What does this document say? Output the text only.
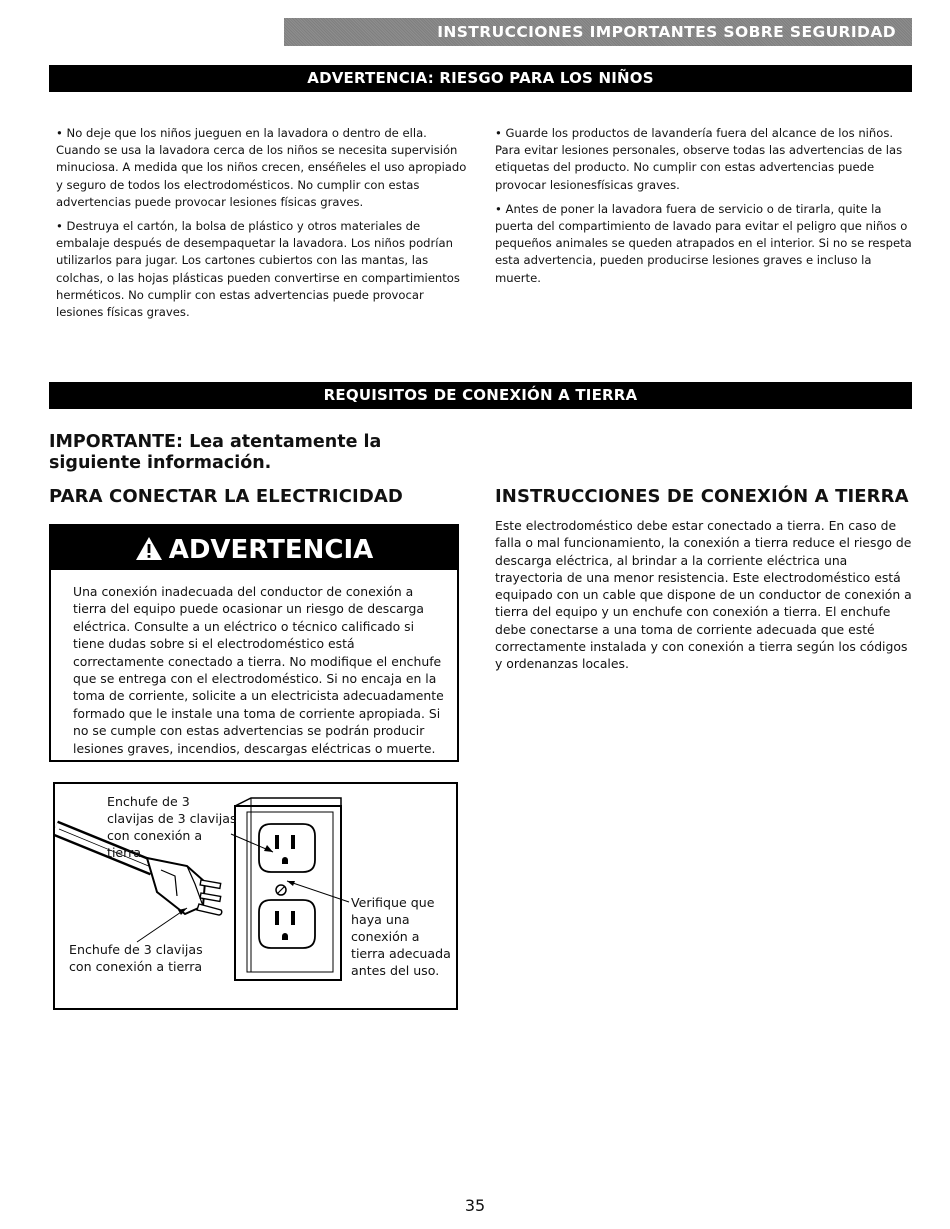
INSTRUCCIONES IMPORTANTES SOBRE SEGURIDAD
ADVERTENCIA: RIESGO PARA LOS NIÑOS

• No deje que los niños jueguen en la lavadora o dentro de ella. Cuando se usa la lavadora cerca de los niños se necesita supervisión minuciosa. A medida que los niños crecen, enséñeles el uso apropiado y seguro de todos los electrodomésticos. No cumplir con estas advertencias puede provocar lesiones físicas graves.

• Destruya el cartón, la bolsa de plástico y otros materiales de embalaje después de desempaquetar la lavadora. Los niños podrían utilizarlos para jugar. Los cartones cubiertos con las mantas, las colchas, o las hojas plásticas pueden convertirse en compartimientos herméticos. No cumplir con estas advertencias puede provocar lesiones físicas graves.

• Guarde los productos de lavandería fuera del alcance de los niños. Para evitar lesiones personales, observe todas las advertencias de las etiquetas del producto. No cumplir con estas advertencias puede provocar lesionesfísicas graves.

• Antes de poner la lavadora fuera de servicio o de tirarla, quite la puerta del compartimiento de lavado para evitar el peligro que niños o pequeños animales se queden atrapados en el interior. Si no se respeta esta advertencia, pueden producirse lesiones graves e incluso la muerte.

REQUISITOS DE CONEXIÓN A TIERRA
IMPORTANTE: Lea atentamente la siguiente información.
PARA CONECTAR LA ELECTRICIDAD	INSTRUCCIONES DE CONEXIÓN A TIERRA
Este electrodoméstico debe estar conectado a tierra. En caso de falla o mal funcionamiento, la conexión a tierra reduce el riesgo de descarga eléctrica, al brindar a la corriente eléctrica una trayectoria de una menor resistencia. Este electrodoméstico está equipado con un cable que dispone de un conductor de conexión a tierra del equipo y un enchufe con conexión a tierra. El enchufe debe conectarse a una toma de corriente adecuada que esté correctamente instalada y con conexión a tierra según los códigos y ordenanzas locales.
ADVERTENCIA
Una conexión inadecuada del conductor de conexión a tierra del equipo puede ocasionar un riesgo de descarga eléctrica. Consulte a un eléctrico o técnico calificado si tiene dudas sobre si el electrodoméstico está correctamente conectado a tierra. No modifique el enchufe que se entrega con el electrodoméstico. Si no encaja en la toma de corriente, solicite a un electricista adecuadamente formado que le instale una toma de corriente apropiada. Si no se cumple con estas advertencias se podrán producir lesiones graves, incendios, descargas eléctricas o muerte.
Enchufe de 3 clavijas de 3 clavijas con conexión a tierra
Enchufe de 3 clavijas con conexión a tierra
Verifique que haya una conexión a tierra adecuada antes del uso.
35
